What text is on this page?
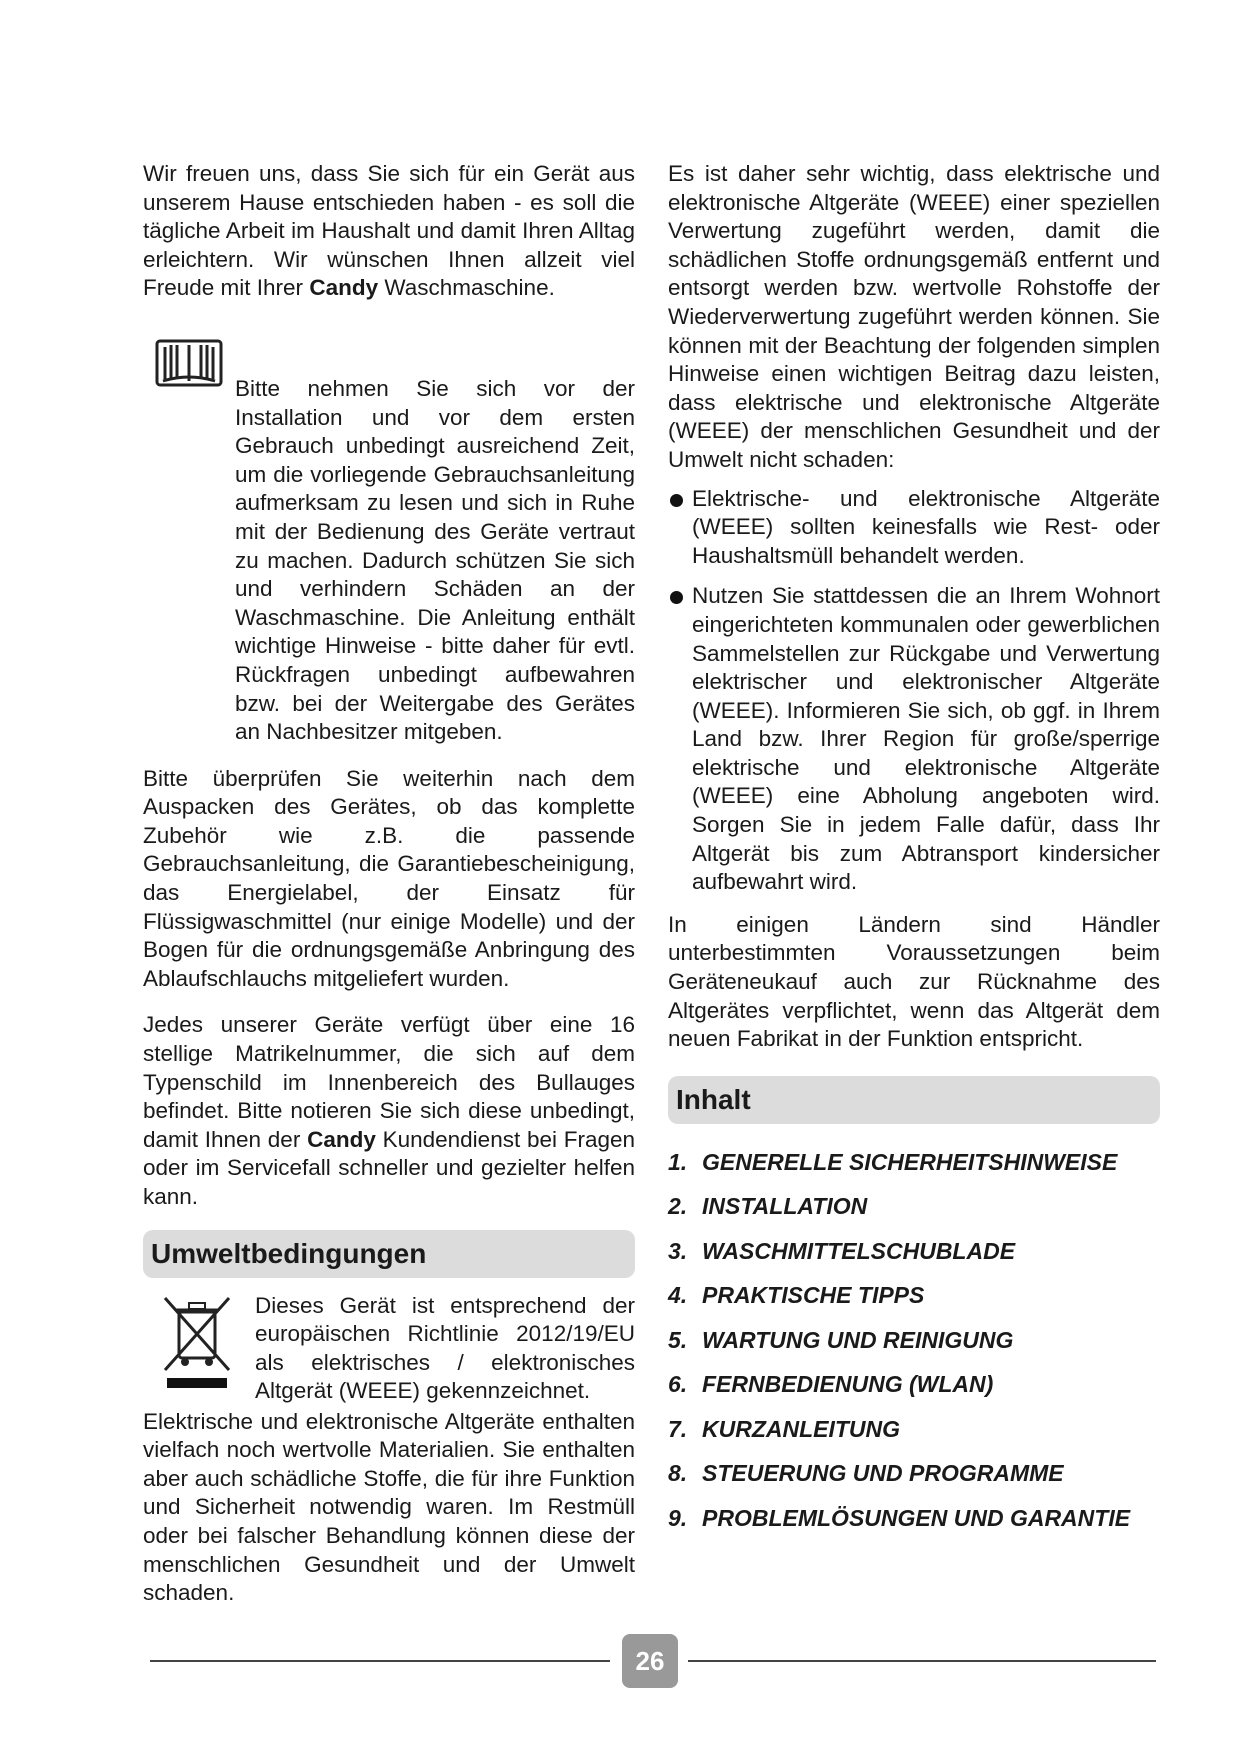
Wir freuen uns, dass Sie sich für ein Gerät aus unserem Hause entschieden haben - es soll die tägliche Arbeit im Haushalt und damit Ihren Alltag erleichtern. Wir wünschen Ihnen allzeit viel Freude mit Ihrer Candy Waschmaschine.

Bitte nehmen Sie sich vor der Installation und vor dem ersten Gebrauch unbedingt ausreichend Zeit, um die vorliegende Gebrauchsanleitung aufmerksam zu lesen und sich in Ruhe mit der Bedienung des Geräte vertraut zu machen. Dadurch schützen Sie sich und verhindern Schäden an der Waschmaschine. Die Anleitung enthält wichtige Hinweise - bitte daher für evtl. Rückfragen unbedingt aufbewahren bzw. bei der Weitergabe des Gerätes an Nachbesitzer mitgeben.

Bitte überprüfen Sie weiterhin nach dem Auspacken des Gerätes, ob das komplette Zubehör wie z.B. die passende Gebrauchsanleitung, die Garantiebescheinigung, das Energielabel, der Einsatz für Flüssigwaschmittel (nur einige Modelle) und der Bogen für die ordnungsgemäße Anbringung des Ablaufschlauchs mitgeliefert wurden.

Jedes unserer Geräte verfügt über eine 16 stellige Matrikelnummer, die sich auf dem Typenschild im Innenbereich des Bullauges befindet. Bitte notieren Sie sich diese unbedingt, damit Ihnen der Candy Kundendienst bei Fragen oder im Servicefall schneller und gezielter helfen kann.

Umweltbedingungen

Dieses Gerät ist entsprechend der europäischen Richtlinie 2012/19/EU als elektrisches / elektronisches Altgerät (WEEE) gekennzeichnet.

Elektrische und elektronische Altgeräte enthalten vielfach noch wertvolle Materialien. Sie enthalten aber auch schädliche Stoffe, die für ihre Funktion und Sicherheit notwendig waren. Im Restmüll oder bei falscher Behandlung können diese der menschlichen Gesundheit und der Umwelt schaden.

Es ist daher sehr wichtig, dass elektrische und elektronische Altgeräte (WEEE) einer speziellen Verwertung zugeführt werden, damit die schädlichen Stoffe ordnungsgemäß entfernt und entsorgt werden bzw. wertvolle Rohstoffe der Wiederverwertung zugeführt werden können. Sie können mit der Beachtung der folgenden simplen Hinweise einen wichtigen Beitrag dazu leisten, dass elektrische und elektronische Altgeräte (WEEE) der menschlichen Gesundheit und der Umwelt nicht schaden:

Elektrische- und elektronische Altgeräte (WEEE) sollten keinesfalls wie Rest- oder Haushaltsmüll behandelt werden.
Nutzen Sie stattdessen die an Ihrem Wohnort eingerichteten kommunalen oder gewerblichen Sammelstellen zur Rückgabe und Verwertung elektrischer und elektronischer Altgeräte (WEEE). Informieren Sie sich, ob ggf. in Ihrem Land bzw. Ihrer Region für große/sperrige elektrische und elektronische Altgeräte (WEEE) eine Abholung angeboten wird. Sorgen Sie in jedem Falle dafür, dass Ihr Altgerät bis zum Abtransport kindersicher aufbewahrt wird.

In einigen Ländern sind Händler unterbestimmten Voraussetzungen beim Geräteneukauf auch zur Rücknahme des Altgerätes verpflichtet, wenn das Altgerät dem neuen Fabrikat in der Funktion entspricht.

Inhalt
1. GENERELLE SICHERHEITSHINWEISE
2. INSTALLATION
3. WASCHMITTELSCHUBLADE
4. PRAKTISCHE TIPPS
5. WARTUNG UND REINIGUNG
6. FERNBEDIENUNG (WLAN)
7. KURZANLEITUNG
8. STEUERUNG UND PROGRAMME
9. PROBLEMLÖSUNGEN UND GARANTIE
26
